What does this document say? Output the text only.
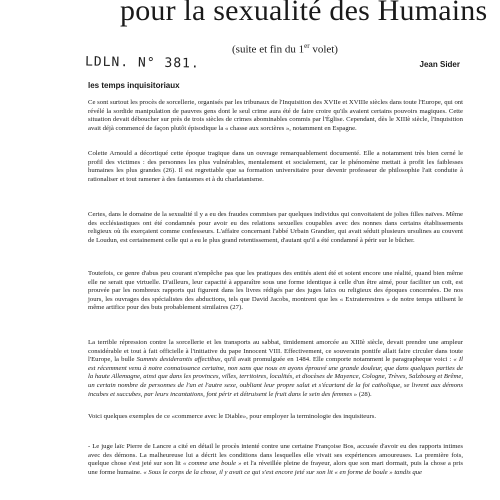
pour la sexualité des Humains
(suite et fin du 1er volet)
LDLN. N° 381.	Jean Sider
les temps inquisitoriaux

Ce sont surtout les procès de sorcellerie, organisés par les tribunaux de l'Inquisition des XVIIe et XVIIIe siècles dans toute l'Europe, qui ont révélé la sordide manipulation de pauvres gens dont le seul crime aura été de faire croire qu'ils avaient certains pouvoirs magiques. Cette situation devait déboucher sur près de trois siècles de crimes abominables commis par l'Église. Cependant, dès le XIIIè siècle, l'Inquisition avait déjà commencé de façon plutôt épisodique la « chasse aux sorcières », notamment en Espagne.

Colette Arnould a décortiqué cette époque tragique dans un ouvrage remarquablement documenté. Elle a notamment très bien cerné le profil des victimes : des personnes les plus vulnérables, mentalement et socialement, car le phénomène mettait à profit les faiblesses humaines les plus grandes (26). Il est regrettable que sa formation universitaire pour devenir professeur de philosophie l'ait conduite à rationaliser et tout ramener à des fantasmes et à du charlatanisme.

Certes, dans le domaine de la sexualité il y a eu des fraudes commises par quelques individus qui convoitaient de jolies filles naïves. Même des ecclésiastiques ont été condamnés pour avoir eu des relations sexuelles coupables avec des nonnes dans certains établissements religieux où ils exerçaient comme confesseurs. L'affaire concernant l'abbé Urbain Grandier, qui avait séduit plusieurs ursulines au couvent de Loudun, est certainement celle qui a eu le plus grand retentissement, d'autant qu'il a été condamné à périr sur le bûcher.

Toutefois, ce genre d'abus peu courant n'empêche pas que les pratiques des entités aient été et soient encore une réalité, quand bien même elle ne serait que virtuelle. D'ailleurs, leur capacité à apparaître sous une forme identique à celle d'un être aimé, pour faciliter un coït, est prouvée par les nombreux rapports qui figurent dans les livres rédigés par des juges laïcs ou religieux des époques concernées. De nos jours, les ouvrages des spécialistes des abductions, tels que David Jacobs, montrent que les « Extraterrestres » de notre temps utilisent le même artifice pour des buts probablement similaires (27).

La terrible répression contre la sorcellerie et les transports au sabbat, timidement amorcée au XIIIè siècle, devait prendre une ampleur considérable et tout à fait officielle à l'initiative du pape Innocent VIII. Effectivement, ce souverain pontife allait faire circuler dans toute l'Europe, la bulle Summis desiderantis affectibus, qu'il avait promulguée en 1484. Elle comporte notamment le paragrapheque voici : « Il est récemment venu à notre connaissance certaine, non sans que nous en ayons éprouvé une grande douleur, que dans quelques parties de la haute Allemagne, ainsi que dans les provinces, villes, territoires, localités, et diocèses de Mayence, Cologne, Trèves, Salzbourg et Brême, un certain nombre de personnes de l'un et l'autre sexe, oubliant leur propre salut et s'écartant de la foi catholique, se livrent aux démons incubes et succubes, par leurs incantations, font périr et détruisent le fruit dans le sein des femmes » (28).

Voici quelques exemples de ce «commerce avec le Diable», pour employer la terminologie des inquisiteurs.

- Le juge laïc Pierre de Lancre a cité en détail le procès intenté contre une certaine Françoise Bos, accusée d'avoir eu des rapports intimes avec des démons. La malheureuse lui a décrit les conditions dans lesquelles elle vivait ses expériences amoureuses. La première fois, quelque chose s'est jeté sur son lit « comme une boule » et l'a réveillée pleine de frayeur, alors que son mari dormait, puis la chose a pris une forme humaine. « Sous le corps de la chose, il y avait ce qui s'est encore jeté sur son lit « en forme de boule » tandis que
